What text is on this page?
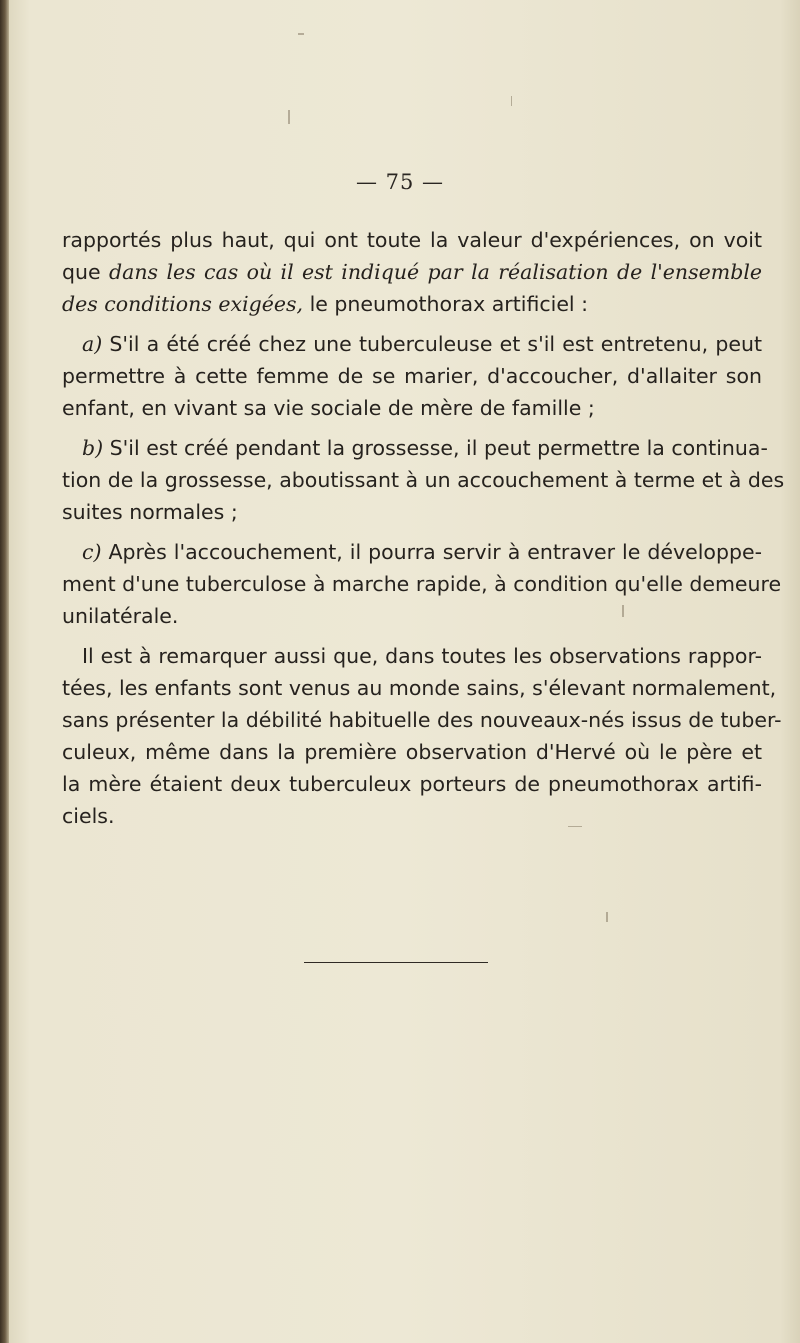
— 75 —
rapportés plus haut, qui ont toute la valeur d'expériences, on voit
que dans les cas où il est indiqué par la réalisation de l'ensemble
des conditions exigées, le pneumothorax artificiel :
a) S'il a été créé chez une tuberculeuse et s'il est entretenu, peut
permettre à cette femme de se marier, d'accoucher, d'allaiter son
enfant, en vivant sa vie sociale de mère de famille ;
b) S'il est créé pendant la grossesse, il peut permettre la continua-
tion de la grossesse, aboutissant à un accouchement à terme et à des
suites normales ;
c) Après l'accouchement, il pourra servir à entraver le développe-
ment d'une tuberculose à marche rapide, à condition qu'elle demeure
unilatérale.
Il est à remarquer aussi que, dans toutes les observations rappor-
tées, les enfants sont venus au monde sains, s'élevant normalement,
sans présenter la débilité habituelle des nouveaux-nés issus de tuber-
culeux, même dans la première observation d'Hervé où le père et
la mère étaient deux tuberculeux porteurs de pneumothorax artifi-
ciels.
